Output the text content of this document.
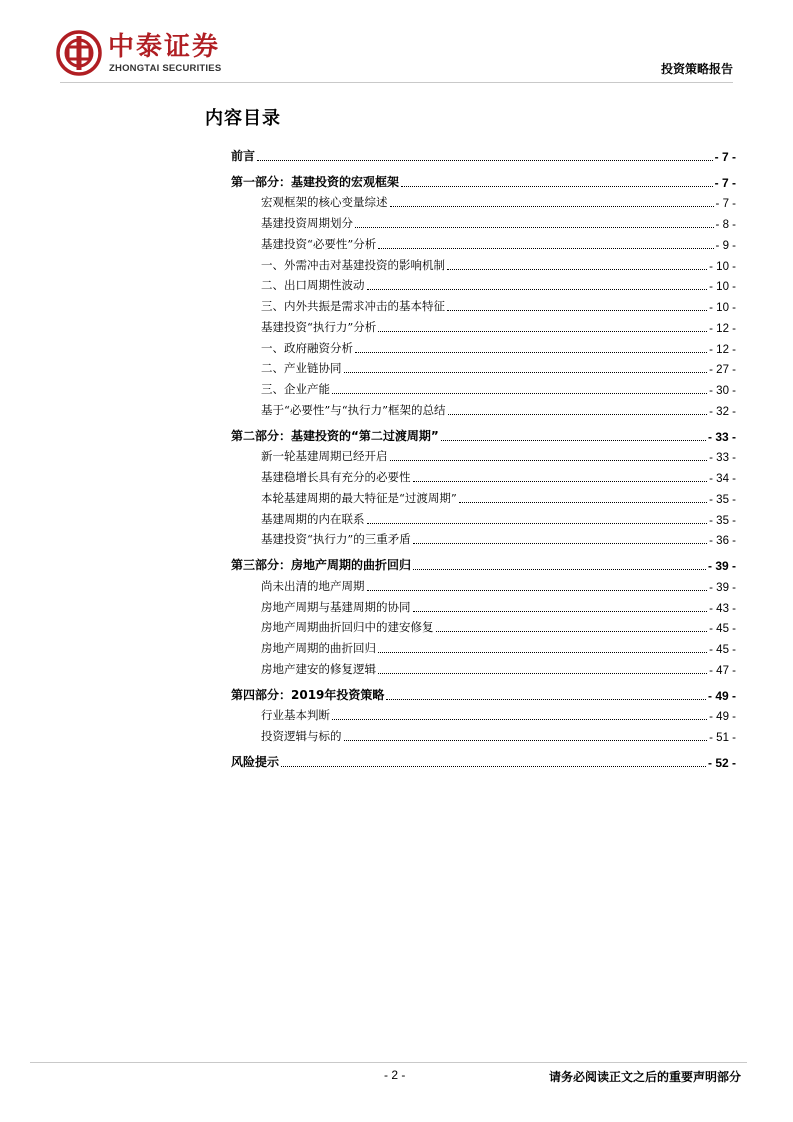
中泰证券
ZHONGTAI SECURITIES	投资策略报告
内容目录
前言	- 7 -
第一部分：基建投资的宏观框架	- 7 -
宏观框架的核心变量综述	- 7 -
基建投资周期划分	- 8 -
基建投资“必要性”分析	- 9 -
一、外需冲击对基建投资的影响机制	- 10 -
二、出口周期性波动	- 10 -
三、内外共振是需求冲击的基本特征	- 10 -
基建投资“执行力”分析	- 12 -
一、政府融资分析	- 12 -
二、产业链协同	- 27 -
三、企业产能	- 30 -
基于“必要性”与“执行力”框架的总结	- 32 -
第二部分：基建投资的“第二过渡周期”	- 33 -
新一轮基建周期已经开启	- 33 -
基建稳增长具有充分的必要性	- 34 -
本轮基建周期的最大特征是“过渡周期”	- 35 -
基建周期的内在联系	- 35 -
基建投资“执行力”的三重矛盾	- 36 -
第三部分：房地产周期的曲折回归	- 39 -
尚未出清的地产周期	- 39 -
房地产周期与基建周期的协同	- 43 -
房地产周期曲折回归中的建安修复	- 45 -
房地产周期的曲折回归	- 45 -
房地产建安的修复逻辑	- 47 -
第四部分：2019年投资策略	- 49 -
行业基本判断	- 49 -
投资逻辑与标的	- 51 -
风险提示	- 52 -
- 2 -	请务必阅读正文之后的重要声明部分
